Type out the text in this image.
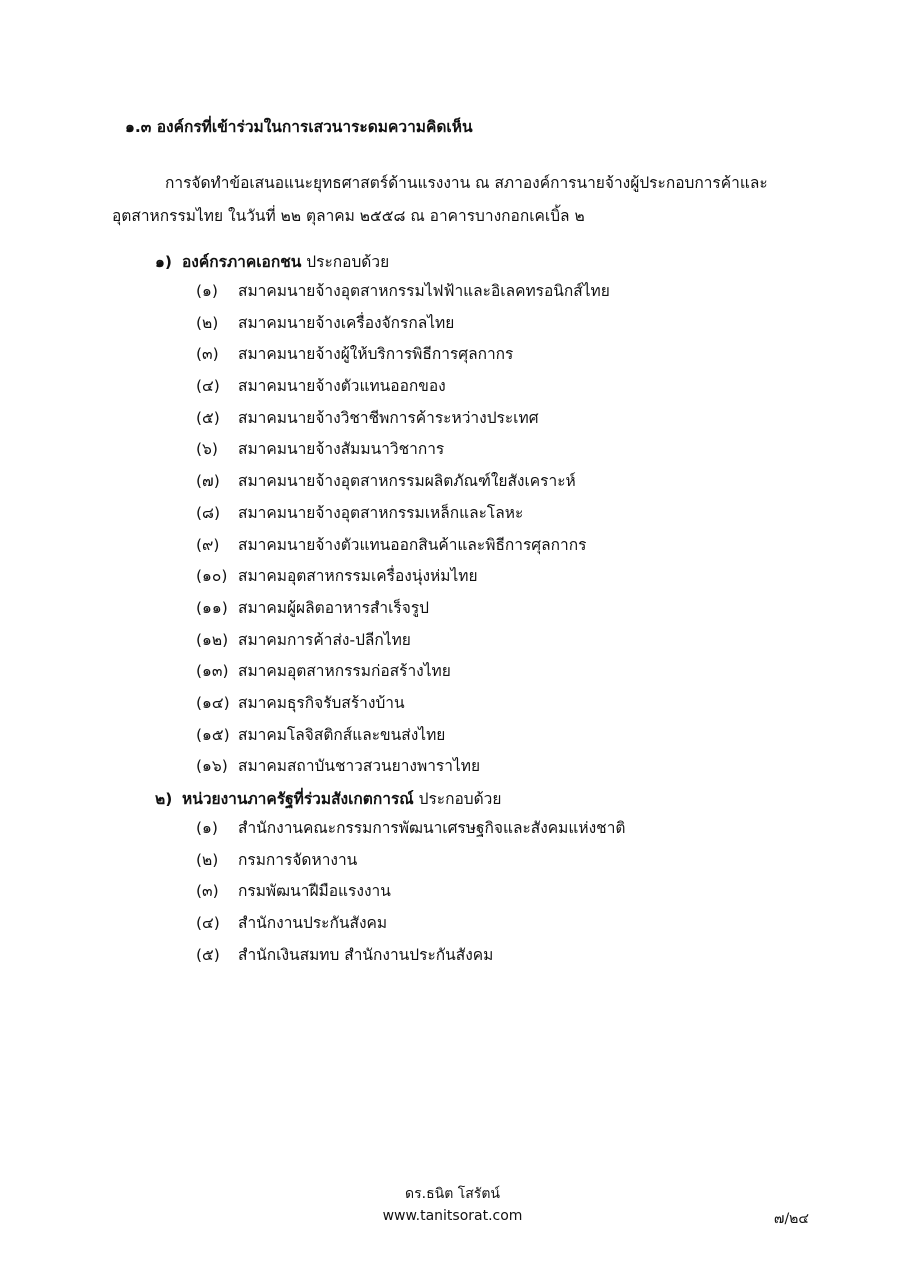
๑.๓ องค์กรที่เข้าร่วมในการเสวนาระดมความคิดเห็น
การจัดทำข้อเสนอแนะยุทธศาสตร์ด้านแรงงาน ณ สภาองค์การนายจ้างผู้ประกอบการค้าและ
อุตสาหกรรมไทย ในวันที่ ๒๒ ตุลาคม ๒๕๕๘ ณ อาคารบางกอกเคเบิ้ล ๒
๑) องค์กรภาคเอกชน ประกอบด้วย
(๑) สมาคมนายจ้างอุตสาหกรรมไฟฟ้าและอิเลคทรอนิกส์ไทย
(๒) สมาคมนายจ้างเครื่องจักรกลไทย
(๓) สมาคมนายจ้างผู้ให้บริการพิธีการศุลกากร
(๔) สมาคมนายจ้างตัวแทนออกของ
(๕) สมาคมนายจ้างวิชาชีพการค้าระหว่างประเทศ
(๖) สมาคมนายจ้างสัมมนาวิชาการ
(๗) สมาคมนายจ้างอุตสาหกรรมผลิตภัณฑ์ใยสังเคราะห์
(๘) สมาคมนายจ้างอุตสาหกรรมเหล็กและโลหะ
(๙) สมาคมนายจ้างตัวแทนออกสินค้าและพิธีการศุลกากร
(๑๐) สมาคมอุตสาหกรรมเครื่องนุ่งห่มไทย
(๑๑) สมาคมผู้ผลิตอาหารสำเร็จรูป
(๑๒) สมาคมการค้าส่ง-ปลีกไทย
(๑๓) สมาคมอุตสาหกรรมก่อสร้างไทย
(๑๔) สมาคมธุรกิจรับสร้างบ้าน
(๑๕) สมาคมโลจิสติกส์และขนส่งไทย
(๑๖) สมาคมสถาบันชาวสวนยางพาราไทย
๒) หน่วยงานภาครัฐที่ร่วมสังเกตการณ์ ประกอบด้วย
(๑) สำนักงานคณะกรรมการพัฒนาเศรษฐกิจและสังคมแห่งชาติ
(๒) กรมการจัดหางาน
(๓) กรมพัฒนาฝีมือแรงงาน
(๔) สำนักงานประกันสังคม
(๕) สำนักเงินสมทบ สำนักงานประกันสังคม
ดร.ธนิต โสรัตน์
www.tanitsorat.com	๗/๒๔
